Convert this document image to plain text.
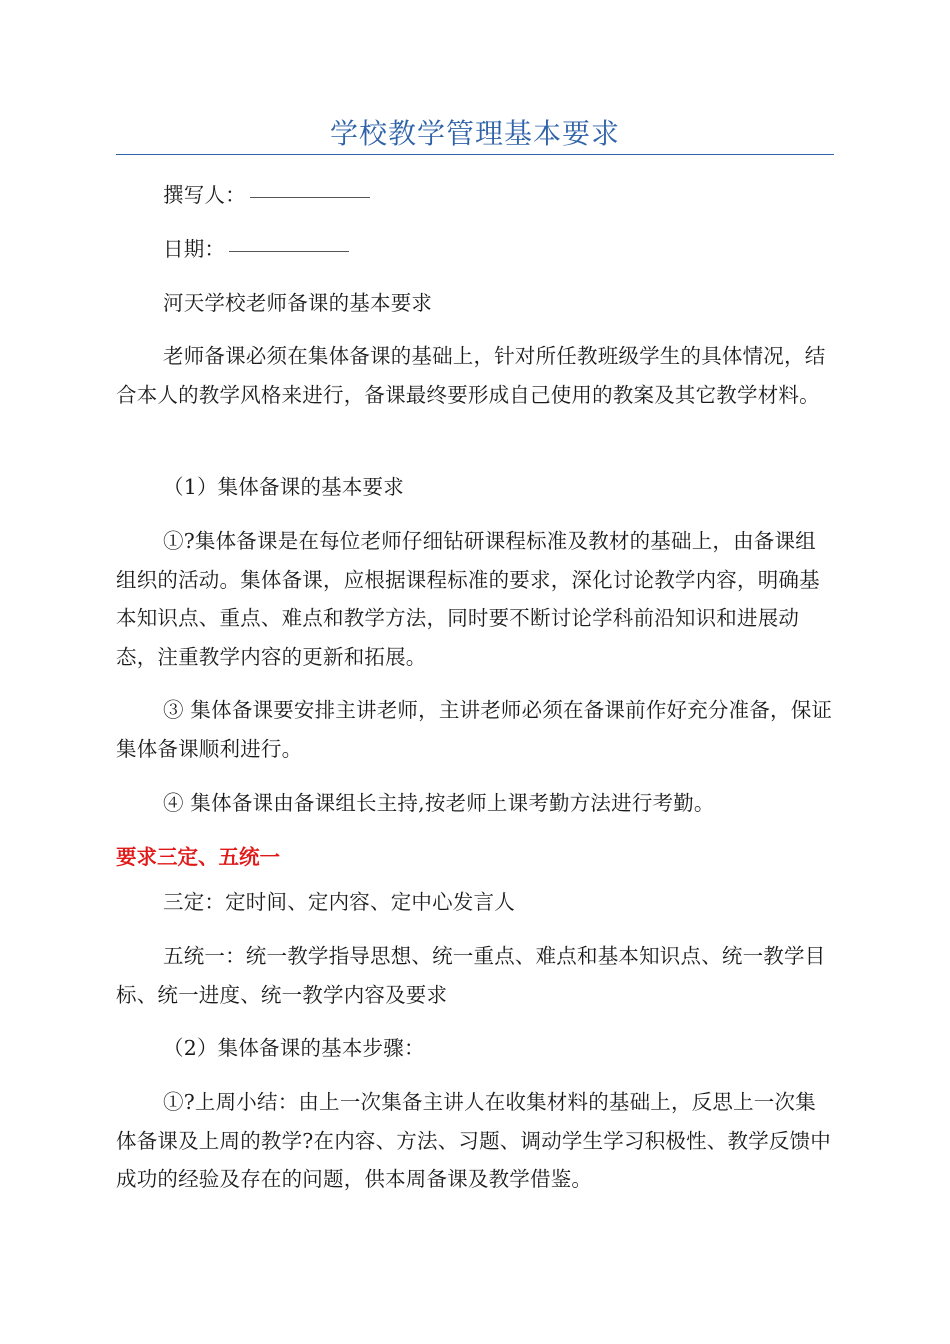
学校教学管理基本要求

撰写人：

日期：

河天学校老师备课的基本要求

老师备课必须在集体备课的基础上，针对所任教班级学生的具体情况，结合本人的教学风格来进行，备课最终要形成自己使用的教案及其它教学材料。

（1）集体备课的基本要求

①?集体备课是在每位老师仔细钻研课程标准及教材的基础上，由备课组组织的活动。集体备课，应根据课程标准的要求，深化讨论教学内容，明确基本知识点、重点、难点和教学方法，同时要不断讨论学科前沿知识和进展动态，注重教学内容的更新和拓展。

③ 集体备课要安排主讲老师，主讲老师必须在备课前作好充分准备，保证集体备课顺利进行。

④ 集体备课由备课组长主持,按老师上课考勤方法进行考勤。

要求三定、五统一

三定：定时间、定内容、定中心发言人

五统一：统一教学指导思想、统一重点、难点和基本知识点、统一教学目标、统一进度、统一教学内容及要求

（2）集体备课的基本步骤：

①?上周小结：由上一次集备主讲人在收集材料的基础上，反思上一次集体备课及上周的教学?在内容、方法、习题、调动学生学习积极性、教学反馈中成功的经验及存在的问题，供本周备课及教学借鉴。
